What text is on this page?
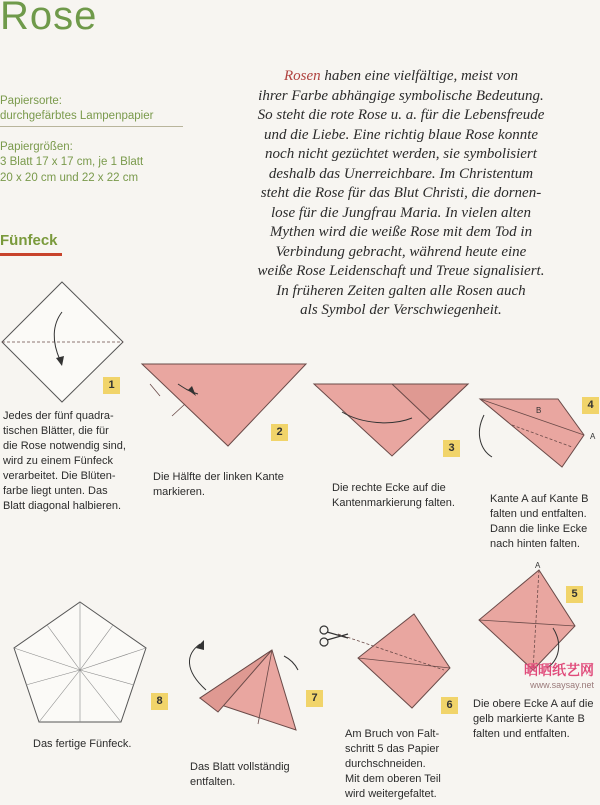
Rose
Papiersorte:
durchgefärbtes Lampenpapier
Papiergrößen:
3 Blatt 17 x 17 cm, je 1 Blatt
20 x 20 cm und 22 x 22 cm
Rosen haben eine vielfältige, meist von
ihrer Farbe abhängige symbolische Bedeutung.
So steht die rote Rose u. a. für die Lebensfreude
und die Liebe. Eine richtig blaue Rose konnte
noch nicht gezüchtet werden, sie symbolisiert
deshalb das Unerreichbare. Im Christentum
steht die Rose für das Blut Christi, die dornen-
lose für die Jungfrau Maria. In vielen alten
Mythen wird die weiße Rose mit dem Tod in
Verbindung gebracht, während heute eine
weiße Rose Leidenschaft und Treue signalisiert.
In früheren Zeiten galten alle Rosen auch
als Symbol der Verschwiegenheit.
Fünfeck
1
Jedes der fünf quadra-
tischen Blätter, die für
die Rose notwendig sind,
wird zu einem Fünfeck
verarbeitet. Die Blüten-
farbe liegt unten. Das
Blatt diagonal halbieren.
2
Die Hälfte der linken Kante
markieren.
3
Die rechte Ecke auf die
Kantenmarkierung falten.
B
A
4
Kante A auf Kante B
falten und entfalten.
Dann die linke Ecke
nach hinten falten.
A
5
Die obere Ecke A auf die
gelb markierte Kante B
falten und entfalten.
6
Am Bruch von Falt-
schritt 5 das Papier
durchschneiden.
Mit dem oberen Teil
wird weitergefaltet.
7
Das Blatt vollständig
entfalten.
8
Das fertige Fünfeck.
晒晒纸艺网
www.saysay.net
